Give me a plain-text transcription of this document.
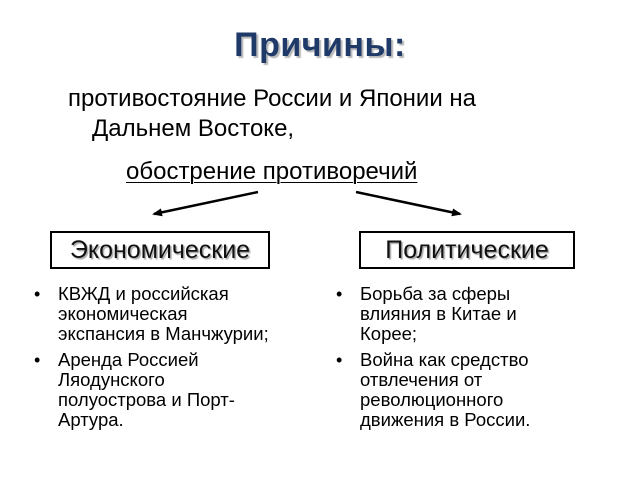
Причины:
противостояние России и Японии на
Дальнем Востоке,
обострение противоречий
Экономические	Политические
• КВЖД и российская
экономическая
экспансия в Манчжурии;
• Аренда Россией
Ляодунского
полуострова и Порт-
Артура.
• Борьба за сферы
влияния в Китае и
Корее;
• Война как средство
отвлечения от
революционного
движения в России.
